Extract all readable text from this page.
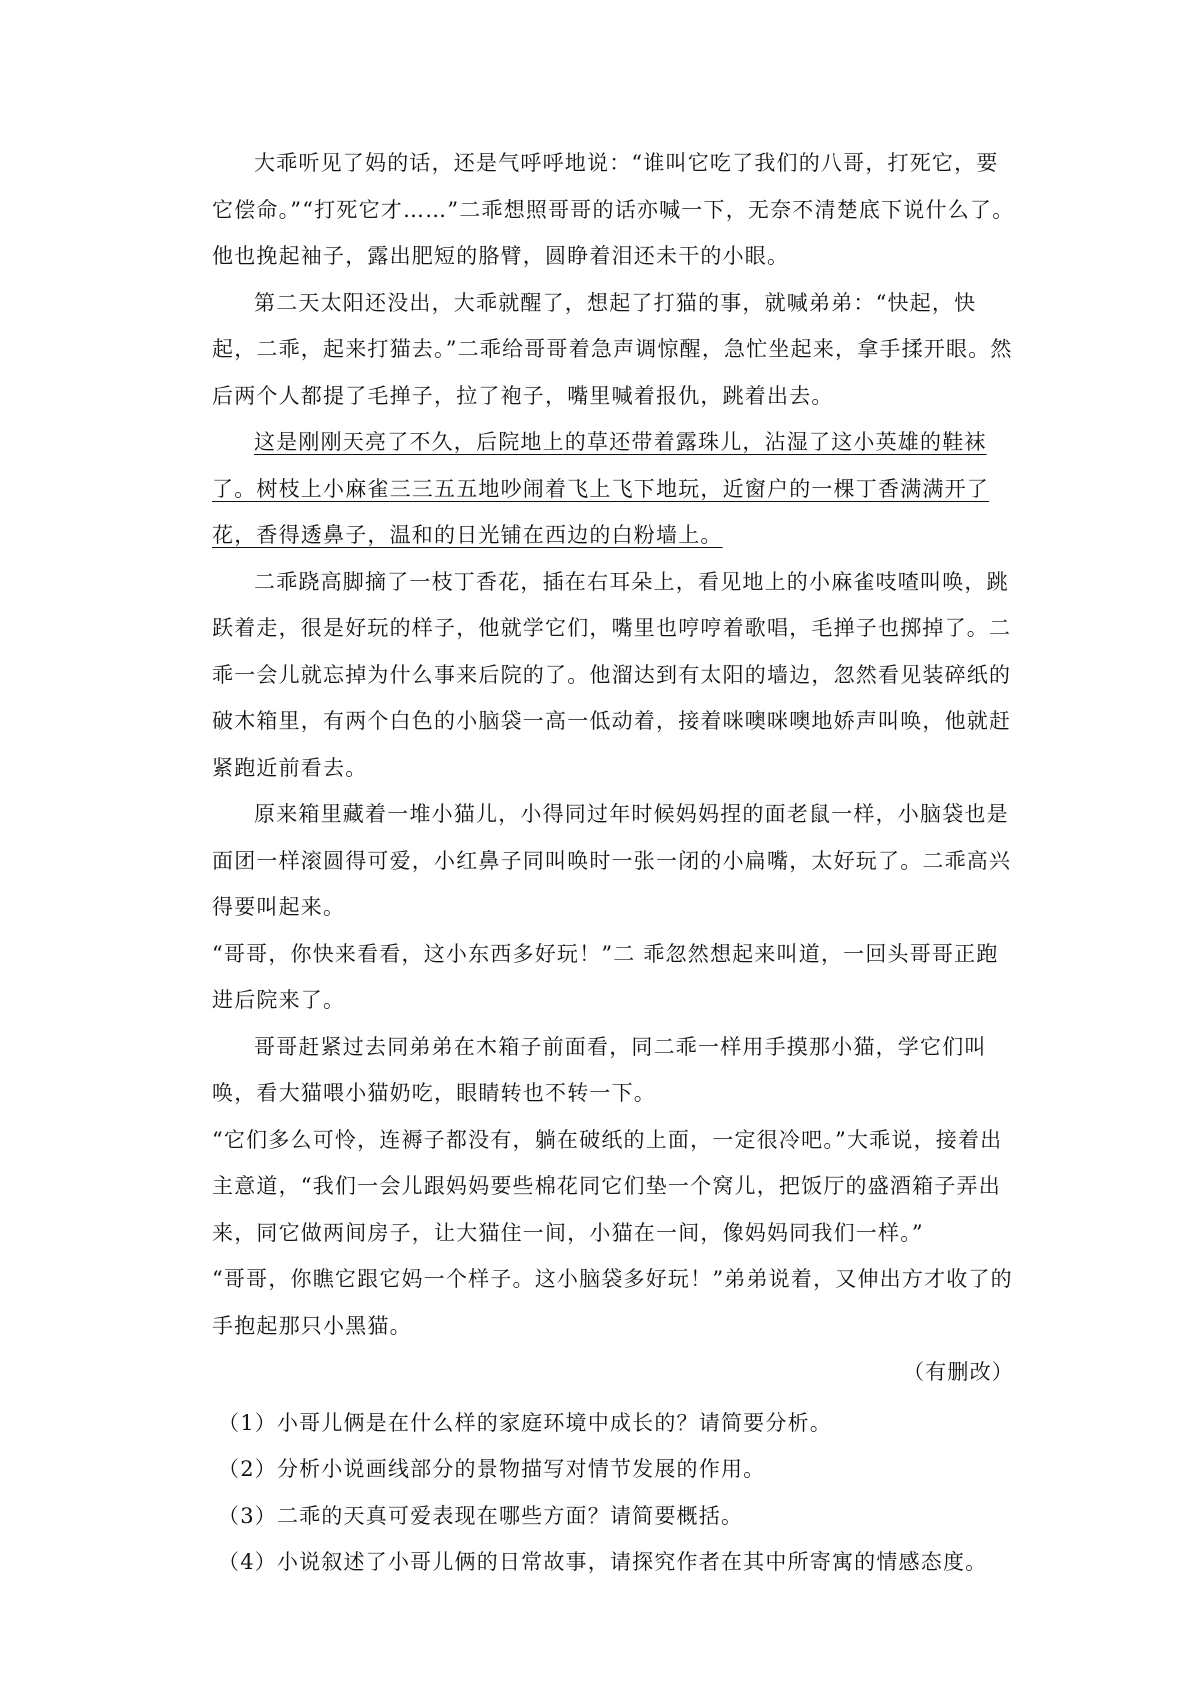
大乖听见了妈的话，还是气呼呼地说：“谁叫它吃了我们的八哥，打死它，要它偿命。”“打死它才……”二乖想照哥哥的话亦喊一下，无奈不清楚底下说什么了。他也挽起袖子，露出肥短的胳臂，圆睁着泪还未干的小眼。

第二天太阳还没出，大乖就醒了，想起了打猫的事，就喊弟弟：“快起，快起，二乖，起来打猫去。”二乖给哥哥着急声调惊醒，急忙坐起来，拿手揉开眼。然后两个人都提了毛掸子，拉了袍子，嘴里喊着报仇，跳着出去。

这是刚刚天亮了不久，后院地上的草还带着露珠儿，沾湿了这小英雄的鞋袜了。树枝上小麻雀三三五五地吵闹着飞上飞下地玩，近窗户的一棵丁香满满开了花，香得透鼻子，温和的日光铺在西边的白粉墙上。

二乖跷高脚摘了一枝丁香花，插在右耳朵上，看见地上的小麻雀吱喳叫唤，跳跃着走，很是好玩的样子，他就学它们，嘴里也哼哼着歌唱，毛掸子也掷掉了。二乖一会儿就忘掉为什么事来后院的了。他溜达到有太阳的墙边，忽然看见装碎纸的破木箱里，有两个白色的小脑袋一高一低动着，接着咪噢咪噢地娇声叫唤，他就赶紧跑近前看去。

原来箱里藏着一堆小猫儿，小得同过年时候妈妈捏的面老鼠一样，小脑袋也是面团一样滚圆得可爱，小红鼻子同叫唤时一张一闭的小扁嘴，太好玩了。二乖高兴得要叫起来。

“哥哥，你快来看看，这小东西多好玩！”二 乖忽然想起来叫道，一回头哥哥正跑进后院来了。

哥哥赶紧过去同弟弟在木箱子前面看，同二乖一样用手摸那小猫，学它们叫唤，看大猫喂小猫奶吃，眼睛转也不转一下。

“它们多么可怜，连褥子都没有，躺在破纸的上面，一定很冷吧。”大乖说，接着出主意道，“我们一会儿跟妈妈要些棉花同它们垫一个窝儿，把饭厅的盛酒箱子弄出来，同它做两间房子，让大猫住一间，小猫在一间，像妈妈同我们一样。”

“哥哥，你瞧它跟它妈一个样子。这小脑袋多好玩！”弟弟说着，又伸出方才收了的手抱起那只小黑猫。

（有删改）

（1）小哥儿俩是在什么样的家庭环境中成长的？请简要分析。

（2）分析小说画线部分的景物描写对情节发展的作用。

（3）二乖的天真可爱表现在哪些方面？请简要概括。

（4）小说叙述了小哥儿俩的日常故事，请探究作者在其中所寄寓的情感态度。
